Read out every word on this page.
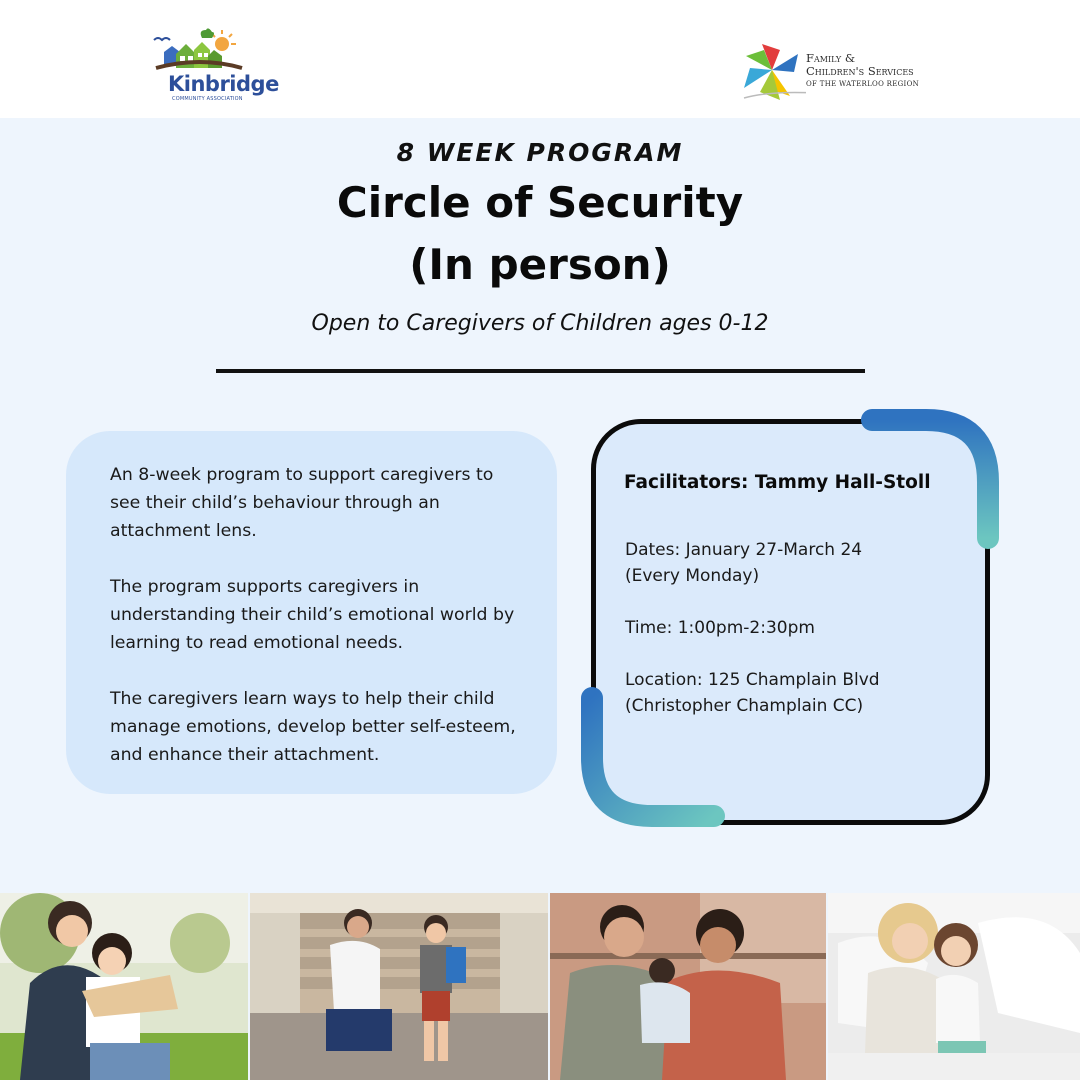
Kinbridge
COMMUNITY ASSOCIATION
Family &
Children's Services
OF THE WATERLOO REGION
8 WEEK PROGRAM
Circle of Security
(In person)
Open to Caregivers of Children ages 0-12

An 8-week program to support caregivers to see their child’s behaviour through an attachment lens.

The program supports caregivers in understanding their child’s emotional world by learning to read emotional needs.

The caregivers learn ways to help their child manage emotions, develop better self-esteem, and enhance their attachment.

Facilitators: Tammy Hall-Stoll
Dates: January 27-March 24
(Every Monday)
Time: 1:00pm-2:30pm
Location: 125 Champlain Blvd
(Christopher Champlain CC)
